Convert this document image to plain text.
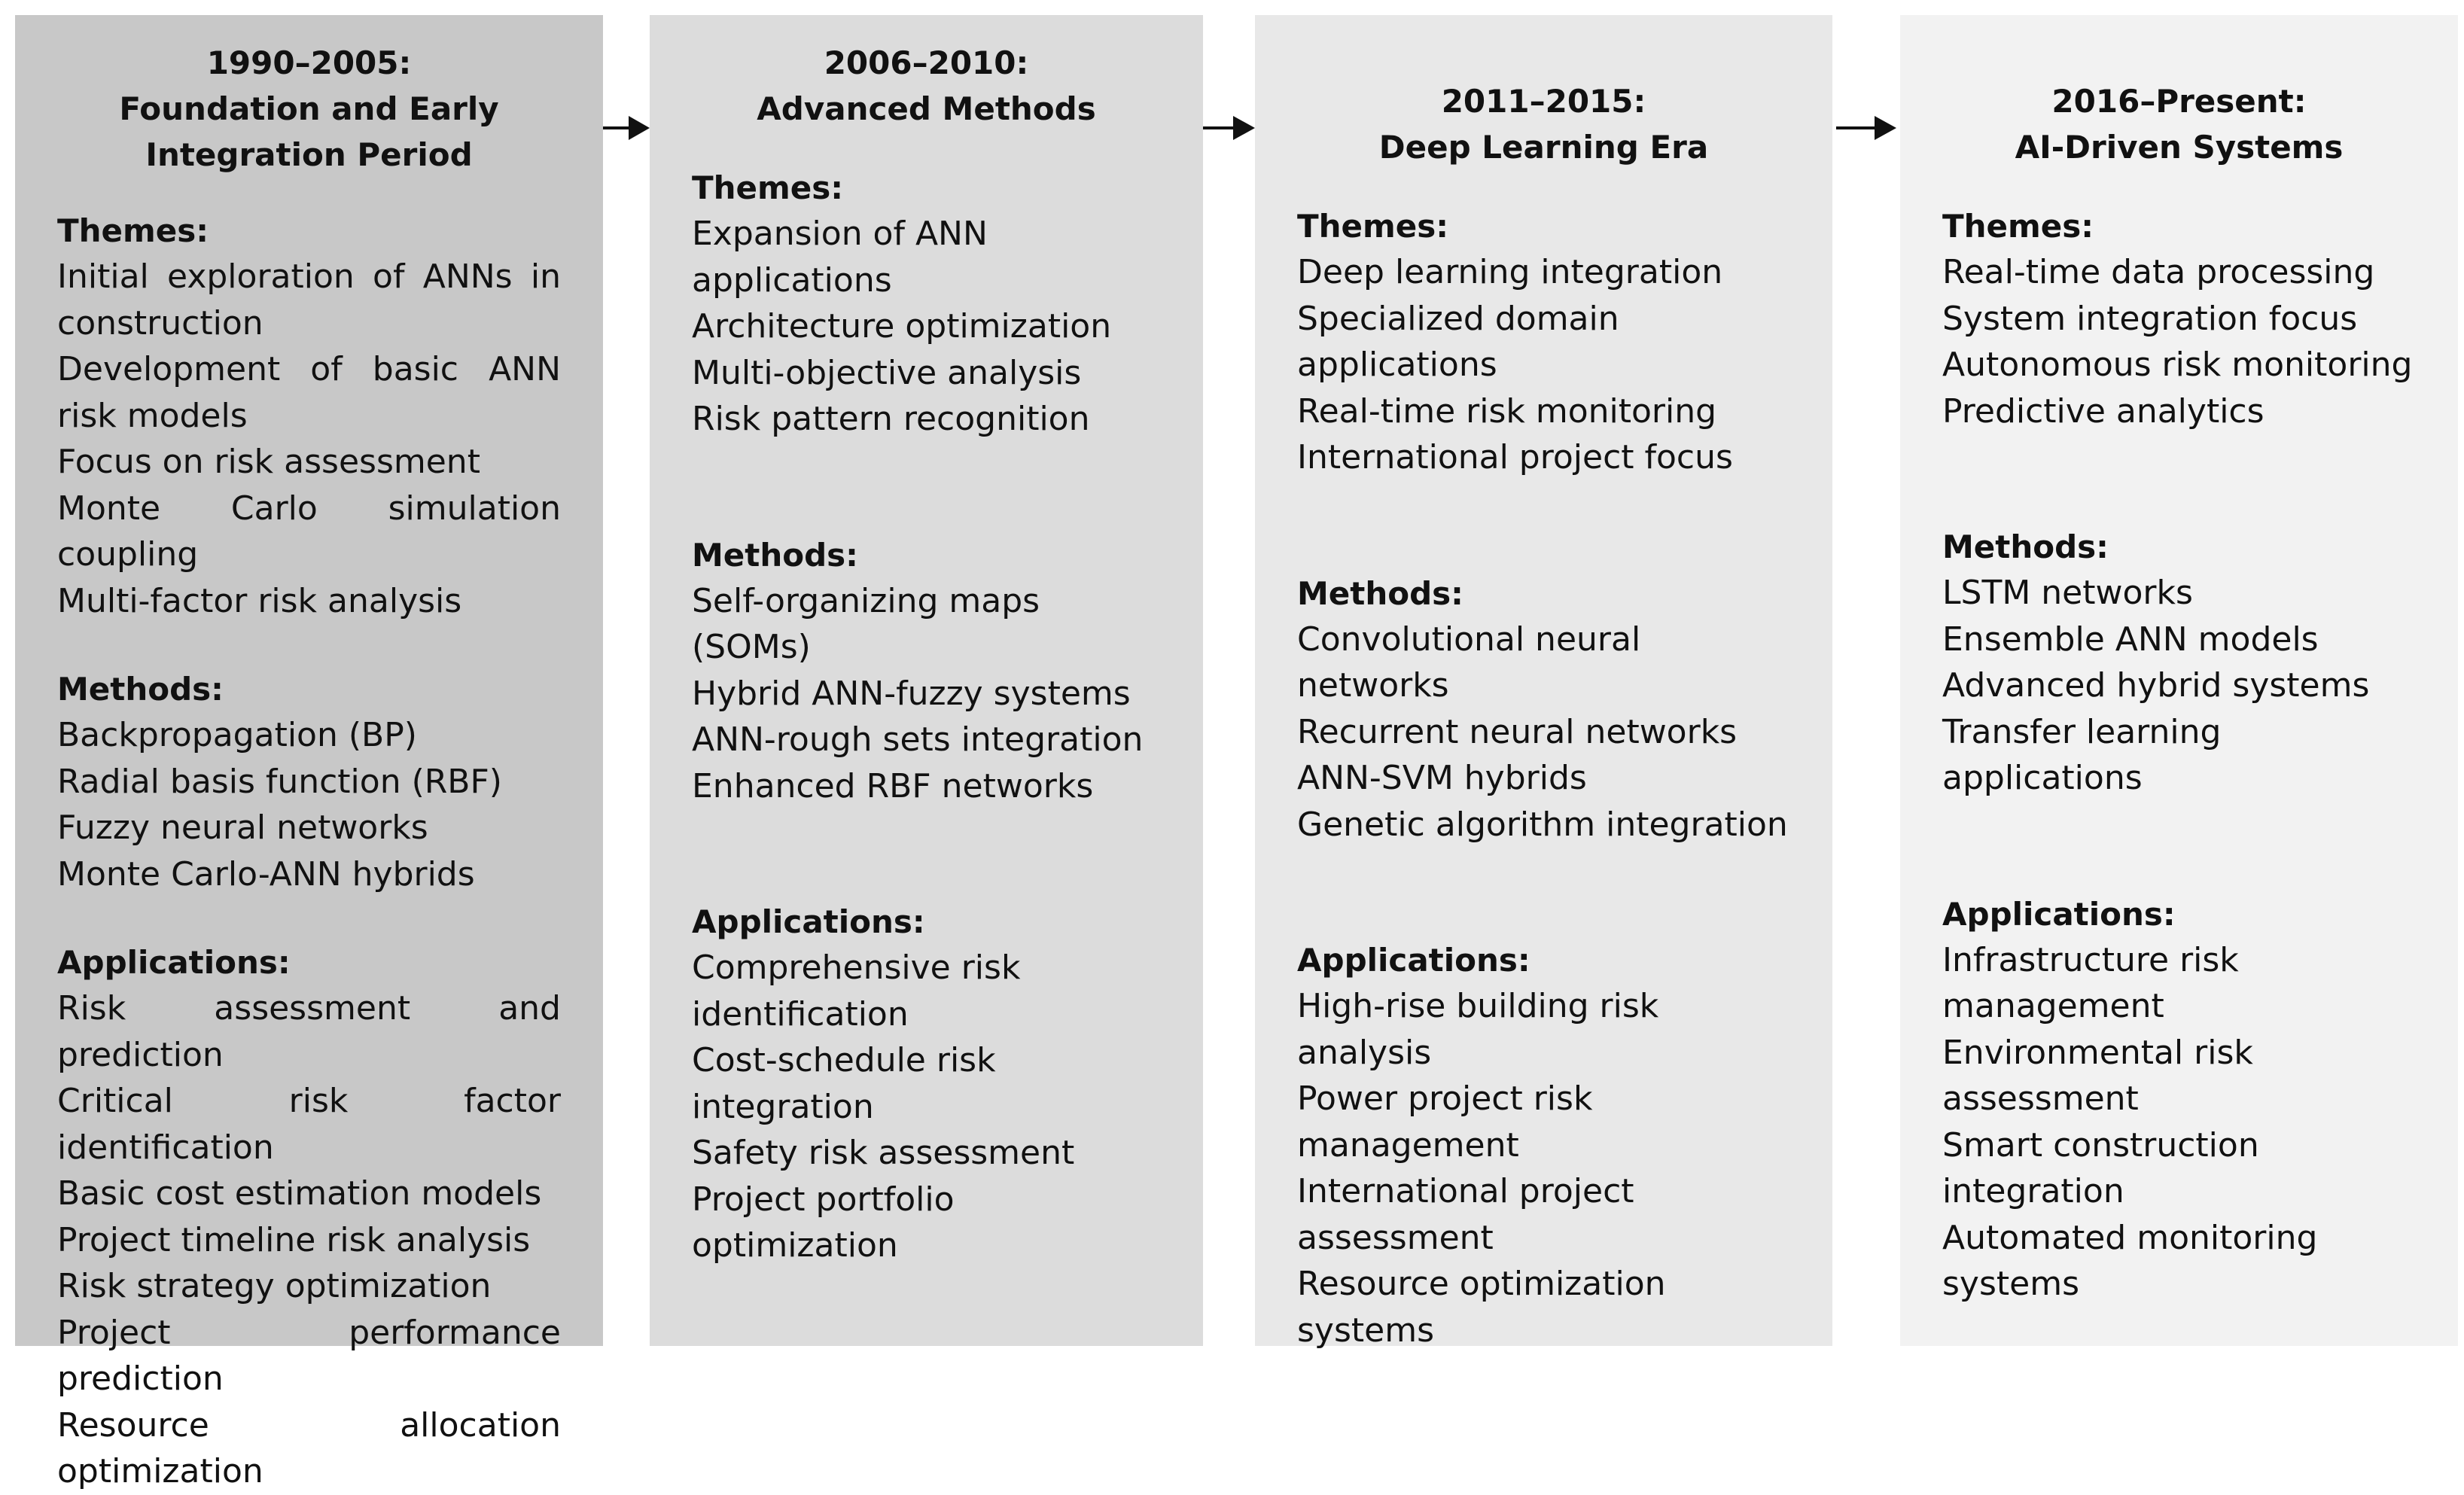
1990–2005:
Foundation and Early
Integration Period
Themes:
Initial exploration of ANNs in construction
Development of basic ANN risk models
Focus on risk assessment
Monte Carlo simulation coupling
Multi-factor risk analysis
Methods:
Backpropagation (BP)
Radial basis function (RBF)
Fuzzy neural networks
Monte Carlo-ANN hybrids
Applications:
Risk assessment and prediction
Critical risk factor identification
Basic cost estimation models
Project timeline risk analysis
Risk strategy optimization
Project performance prediction
Resource allocation optimization
2006–2010:
Advanced Methods
Themes:
Expansion of ANN applications
Architecture optimization
Multi-objective analysis
Risk pattern recognition
Methods:
Self-organizing maps (SOMs)
Hybrid ANN-fuzzy systems
ANN-rough sets integration
Enhanced RBF networks
Applications:
Comprehensive risk identification
Cost-schedule risk integration
Safety risk assessment
Project portfolio optimization
2011–2015:
Deep Learning Era
Themes:
Deep learning integration
Specialized domain applications
Real-time risk monitoring
International project focus
Methods:
Convolutional neural networks
Recurrent neural networks
ANN-SVM hybrids
Genetic algorithm integration
Applications:
High-rise building risk analysis
Power project risk management
International project assessment
Resource optimization systems
2016–Present:
AI-Driven Systems
Themes:
Real-time data processing
System integration focus
Autonomous risk monitoring
Predictive analytics
Methods:
LSTM networks
Ensemble ANN models
Advanced hybrid systems
Transfer learning applications
Applications:
Infrastructure risk management
Environmental risk assessment
Smart construction integration
Automated monitoring systems
